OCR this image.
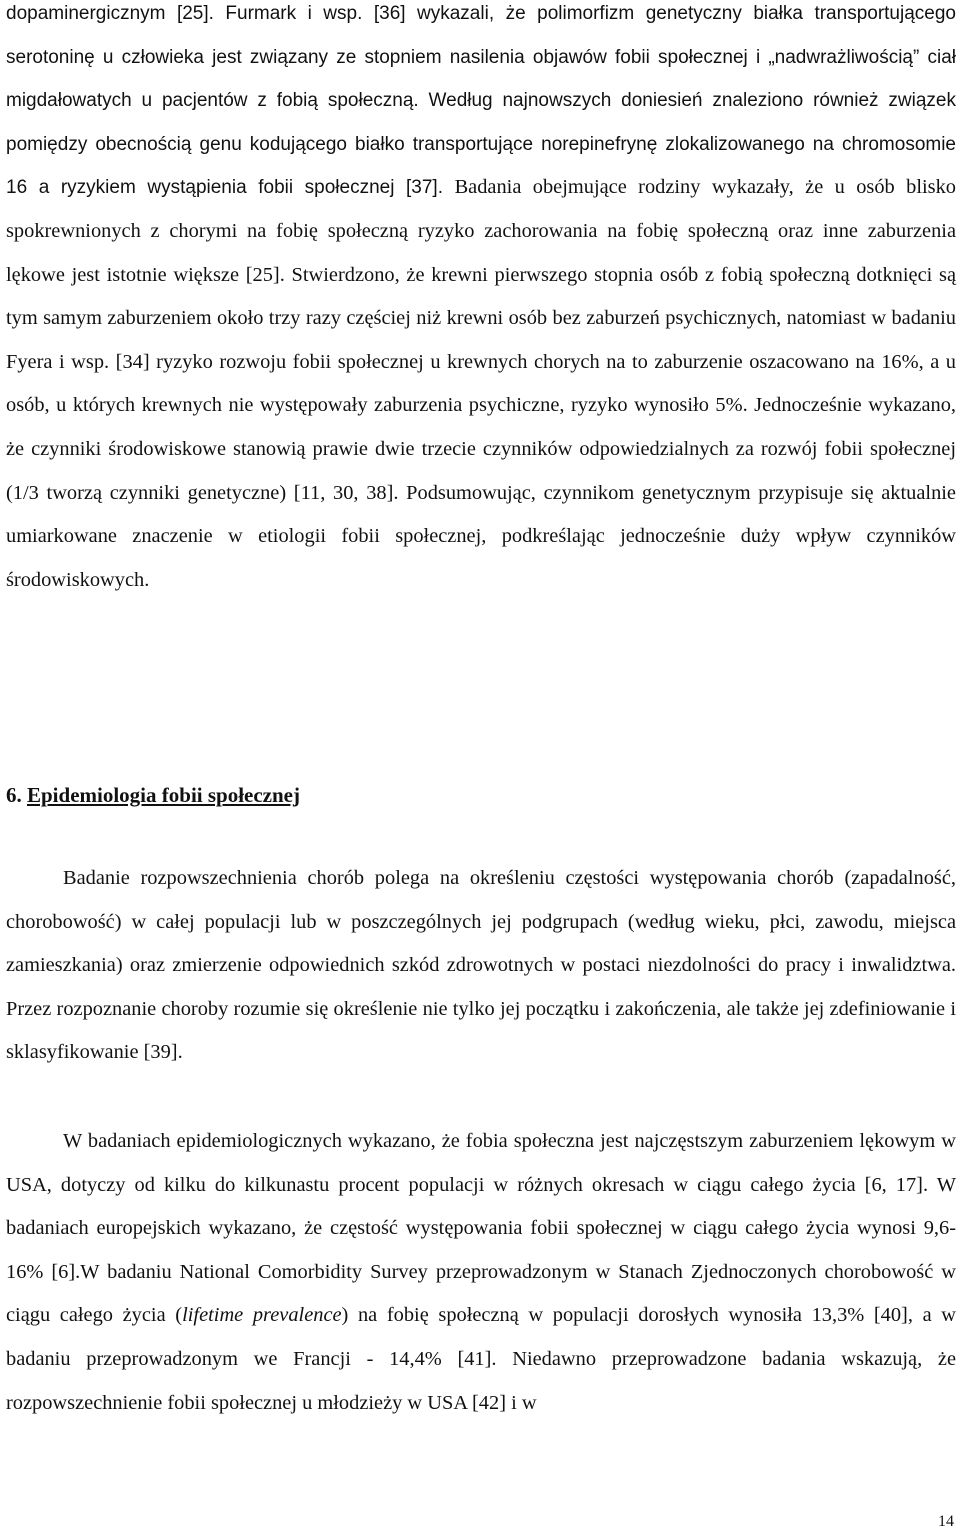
dopaminergicznym [25]. Furmark i wsp. [36] wykazali, że polimorfizm genetyczny białka transportującego serotoninę u człowieka jest związany ze stopniem nasilenia objawów fobii społecznej i „nadwrażliwością” ciał migdałowatych u pacjentów z fobią społeczną. Według najnowszych doniesień znaleziono również związek pomiędzy obecnością genu kodującego białko transportujące norepinefrynę zlokalizowanego na chromosomie 16 a ryzykiem wystąpienia fobii społecznej [37]. Badania obejmujące rodziny wykazały, że u osób blisko spokrewnionych z chorymi na fobię społeczną ryzyko zachorowania na fobię społeczną oraz inne zaburzenia lękowe jest istotnie większe [25]. Stwierdzono, że krewni pierwszego stopnia osób z fobią społeczną dotknięci są tym samym zaburzeniem około trzy razy częściej niż krewni osób bez zaburzeń psychicznych, natomiast w badaniu Fyera i wsp. [34] ryzyko rozwoju fobii społecznej u krewnych chorych na to zaburzenie oszacowano na 16%, a u osób, u których krewnych nie występowały zaburzenia psychiczne, ryzyko wynosiło 5%. Jednocześnie wykazano, że czynniki środowiskowe stanowią prawie dwie trzecie czynników odpowiedzialnych za rozwój fobii społecznej (1/3 tworzą czynniki genetyczne) [11, 30, 38]. Podsumowując, czynnikom genetycznym przypisuje się aktualnie umiarkowane znaczenie w etiologii fobii społecznej, podkreślając jednocześnie duży wpływ czynników środowiskowych.

6. Epidemiologia fobii społecznej

Badanie rozpowszechnienia chorób polega na określeniu częstości występowania chorób (zapadalność, chorobowość) w całej populacji lub w poszczególnych jej podgrupach (według wieku, płci, zawodu, miejsca zamieszkania) oraz zmierzenie odpowiednich szkód zdrowotnych w postaci niezdolności do pracy i inwalidztwa. Przez rozpoznanie choroby rozumie się określenie nie tylko jej początku i zakończenia, ale także jej zdefiniowanie i sklasyfikowanie [39].

W badaniach epidemiologicznych wykazano, że fobia społeczna jest najczęstszym zaburzeniem lękowym w USA, dotyczy od kilku do kilkunastu procent populacji w różnych okresach w ciągu całego życia [6, 17]. W badaniach europejskich wykazano, że częstość występowania fobii społecznej w ciągu całego życia wynosi 9,6-16% [6].W badaniu National Comorbidity Survey przeprowadzonym w Stanach Zjednoczonych chorobowość w ciągu całego życia (lifetime prevalence) na fobię społeczną w populacji dorosłych wynosiła 13,3% [40], a w badaniu przeprowadzonym we Francji - 14,4% [41]. Niedawno przeprowadzone badania wskazują, że rozpowszechnienie fobii społecznej u młodzieży w USA [42] i w

14
